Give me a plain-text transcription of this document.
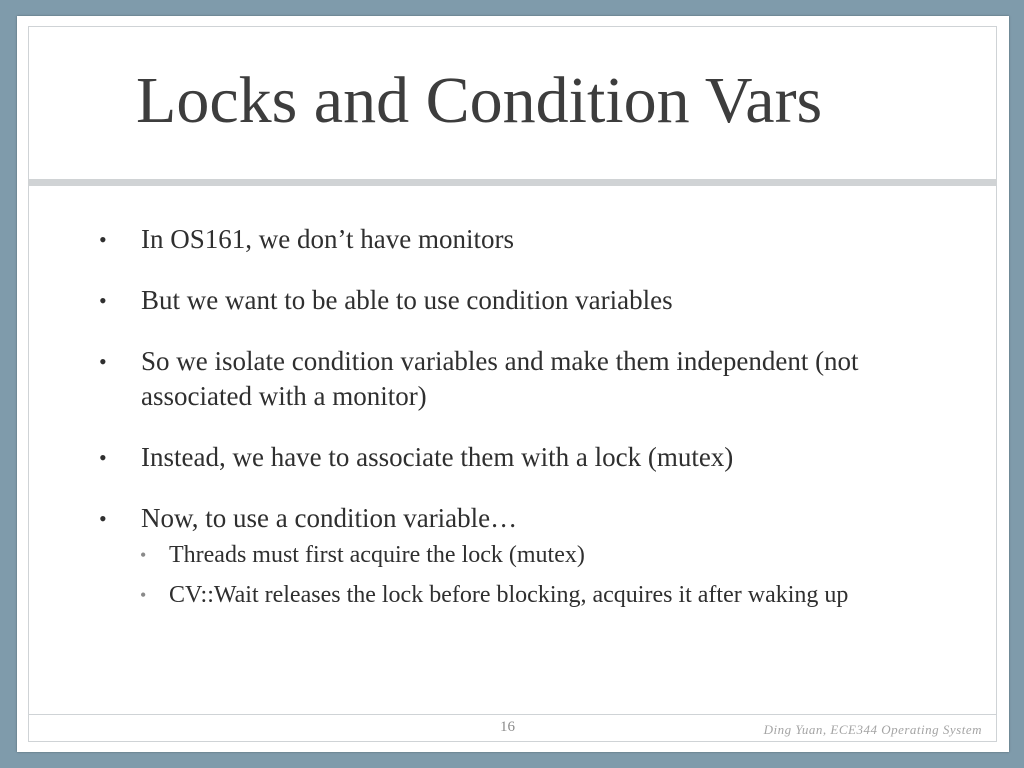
Locks and Condition Vars
• In OS161, we don’t have monitors
• But we want to be able to use condition variables
• So we isolate condition variables and make them independent (not associated with a monitor)
• Instead, we have to associate them with a lock (mutex)
• Now, to use a condition variable…
• Threads must first acquire the lock (mutex)
• CV::Wait releases the lock before blocking, acquires it after waking up
16	Ding Yuan, ECE344 Operating System
